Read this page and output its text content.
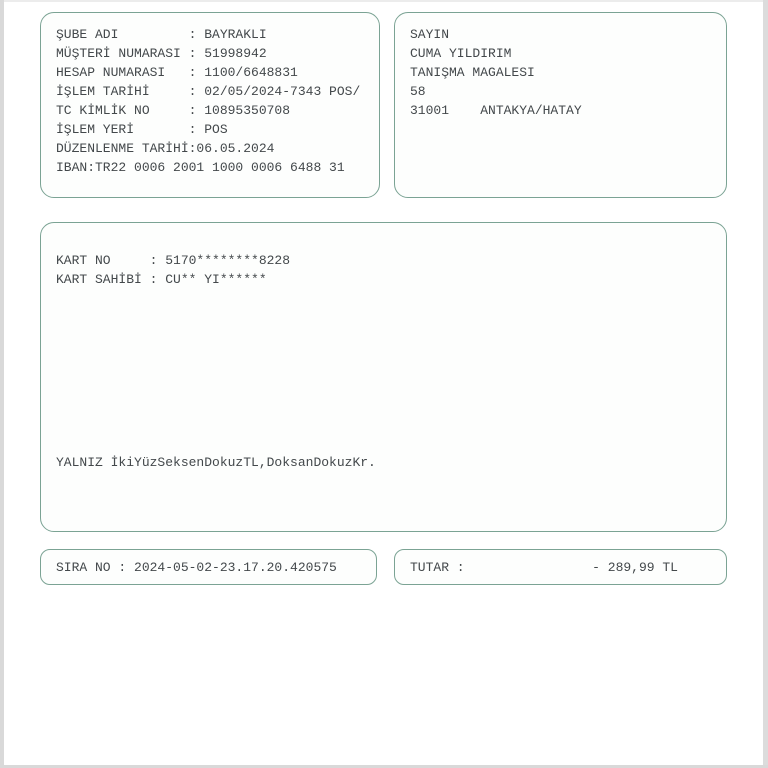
ŞUBE ADI         : BAYRAKLI
MÜŞTERİ NUMARASI : 51998942
HESAP NUMARASI   : 1100/6648831
İŞLEM TARİHİ     : 02/05/2024-7343 POS/
TC KİMLİK NO     : 10895350708
İŞLEM YERİ       : POS
DÜZENLENME TARİHİ:06.05.2024
IBAN:TR22 0006 2001 1000 0006 6488 31
SAYIN
CUMA YILDIRIM
TANIŞMA MAGALESI
58
31001    ANTAKYA/HATAY
KART NO     : 5170********8228
KART SAHİBİ : CU** YI******
YALNIZ İkiYüzSeksenDokuzTL,DoksanDokuzKr.
SIRA NO : 2024-05-02-23.17.20.420575	TUTAR :	- 289,99 TL
